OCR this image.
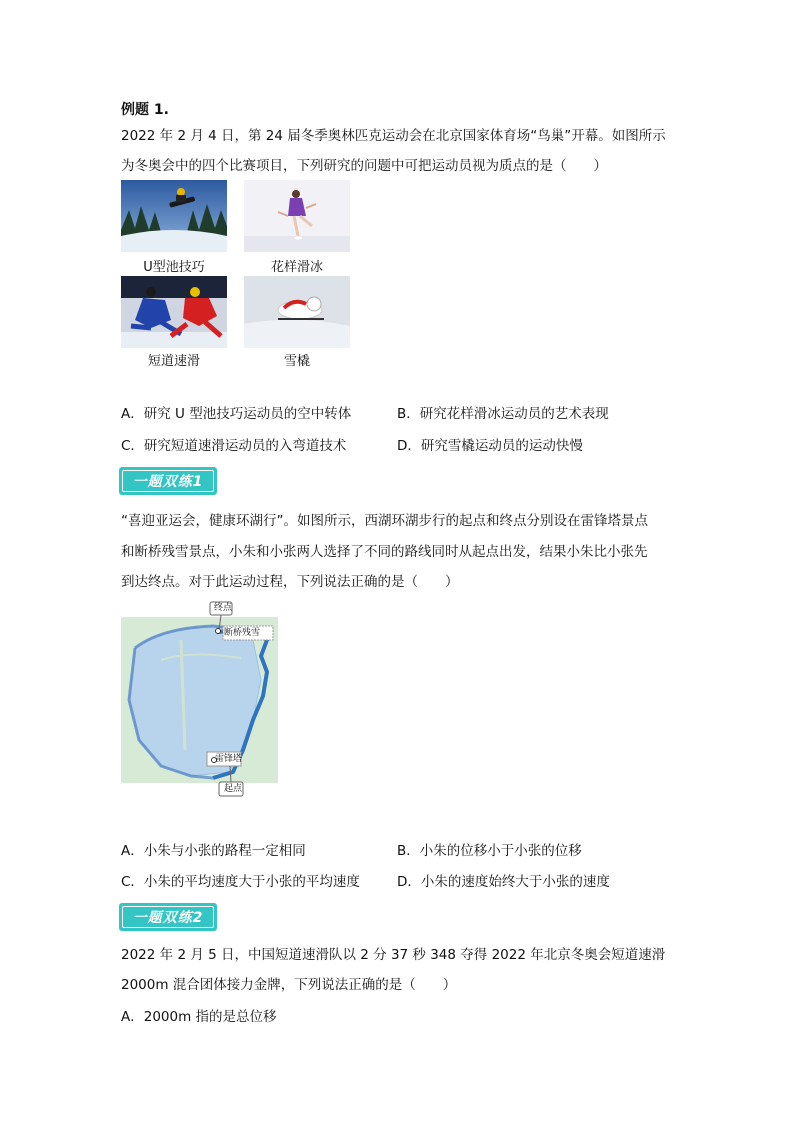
例题 1.
2022 年 2 月 4 日，第 24 届冬季奥林匹克运动会在北京国家体育场“鸟巢”开幕。如图所示
为冬奥会中的四个比赛项目，下列研究的问题中可把运动员视为质点的是（　　）
U型池技巧	花样滑冰
短道速滑	雪橇
A．研究 U 型池技巧运动员的空中转体	B．研究花样滑冰运动员的艺术表现
C．研究短道速滑运动员的入弯道技术	D．研究雪橇运动员的运动快慢
一题双练1
“喜迎亚运会，健康环湖行”。如图所示，西湖环湖步行的起点和终点分别设在雷锋塔景点
和断桥残雪景点，小朱和小张两人选择了不同的路线同时从起点出发，结果小朱比小张先
到达终点。对于此运动过程，下列说法正确的是（　　）
终点
断桥残雪
雷锋塔
起点
A．小朱与小张的路程一定相同	B．小朱的位移小于小张的位移
C．小朱的平均速度大于小张的平均速度	D．小朱的速度始终大于小张的速度
一题双练2
2022 年 2 月 5 日，中国短道速滑队以 2 分 37 秒 348 夺得 2022 年北京冬奥会短道速滑
2000m 混合团体接力金牌，下列说法正确的是（　　）
A．2000m 指的是总位移
